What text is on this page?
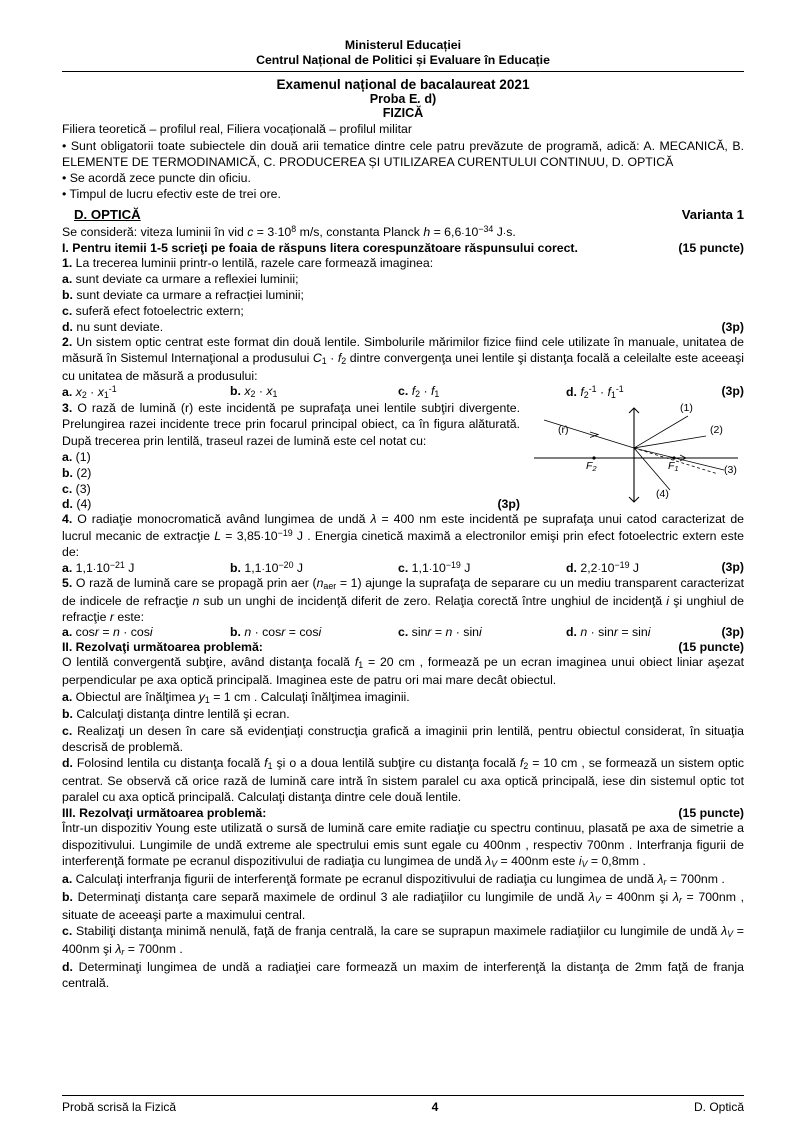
Ministerul Educației
Centrul Național de Politici și Evaluare în Educație
Examenul național de bacalaureat 2021
Proba E. d)
FIZICĂ

Filiera teoretică – profilul real, Filiera vocațională – profilul militar

• Sunt obligatorii toate subiectele din două arii tematice dintre cele patru prevăzute de programă, adică: A. MECANICĂ, B. ELEMENTE DE TERMODINAMICĂ, C. PRODUCEREA ȘI UTILIZAREA CURENTULUI CONTINUU, D. OPTICĂ

• Se acordă zece puncte din oficiu.

• Timpul de lucru efectiv este de trei ore.

D. OPTICĂ	Varianta 1

Se consideră: viteza luminii în vid $c = 3\cdot 10^8$ m/s, constanta Planck $h = 6,6\cdot 10^{-34}$ J·s.

I. Pentru itemii 1-5 scrieţi pe foaia de răspuns litera corespunzătoare răspunsului corect.	(15 puncte)

1. La trecerea luminii printr-o lentilă, razele care formează imaginea:

a. sunt deviate ca urmare a reflexiei luminii;

b. sunt deviate ca urmare a refracției luminii;

c. suferă efect fotoelectric extern;

d. nu sunt deviate.	(3p)

2. Un sistem optic centrat este format din două lentile. Simbolurile mărimilor fizice fiind cele utilizate în manuale, unitatea de măsură în Sistemul Internaţional a produsului $C_1 \cdot f_2$ dintre convergenţa unei lentile şi distanţa focală a celeilalte este aceeaşi cu unitatea de măsură a produsului:

a. $x_2 \cdot x_1^{-1}$	b. $x_2 \cdot x_1$	c. $f_2 \cdot f_1$	d. $f_2^{-1} \cdot f_1^{-1}$	(3p)
(r)
(1)
(2)
(3)
(4)
$F_2$	$F_1$

3. O rază de lumină (r) este incidentă pe suprafaţa unei lentile subţiri divergente. Prelungirea razei incidente trece prin focarul principal obiect, ca în figura alăturată. După trecerea prin lentilă, traseul razei de lumină este cel notat cu:

a. (1)

b. (2)

c. (3)

d. (4)	(3p)

4. O radiaţie monocromatică având lungimea de undă λ = 400 nm este incidentă pe suprafaţa unui catod caracterizat de lucrul mecanic de extracţie $L = 3,85\cdot 10^{-19}$ J . Energia cinetică maximă a electronilor emişi prin efect fotoelectric extern este de:

a. $1,1\cdot 10^{-21}$ J	b. $1,1\cdot 10^{-20}$ J	c. $1,1\cdot 10^{-19}$ J	d. $2,2\cdot 10^{-19}$ J	(3p)

5. O rază de lumină care se propagă prin aer $(n_{aer} = 1)$ ajunge la suprafaţa de separare cu un mediu transparent caracterizat de indicele de refracţie n sub un unghi de incidenţă diferit de zero. Relaţia corectă între unghiul de incidenţă i şi unghiul de refracţie r este:

a. cosr = n · cosi	b. n · cosr = cosi	c. sinr = n · sini	d. n · sinr = sini	(3p)
II. Rezolvaţi următoarea problemă:	(15 puncte)

O lentilă convergentă subţire, având distanţa focală $f_1 = 20$ cm , formează pe un ecran imaginea unui obiect liniar aşezat perpendicular pe axa optică principală. Imaginea este de patru ori mai mare decât obiectul.

a. Obiectul are înălţimea $y_1 = 1$ cm . Calculaţi înălţimea imaginii.

b. Calculaţi distanţa dintre lentilă şi ecran.

c. Realizaţi un desen în care să evidenţiaţi construcţia grafică a imaginii prin lentilă, pentru obiectul considerat, în situaţia descrisă de problemă.

d. Folosind lentila cu distanţa focală $f_1$ şi o a doua lentilă subţire cu distanţa focală $f_2 = 10$ cm , se formează un sistem optic centrat. Se observă că orice rază de lumină care intră în sistem paralel cu axa optică principală, iese din sistemul optic tot paralel cu axa optică principală. Calculaţi distanţa dintre cele două lentile.

III. Rezolvaţi următoarea problemă:	(15 puncte)

Într-un dispozitiv Young este utilizată o sursă de lumină care emite radiaţie cu spectru continuu, plasată pe axa de simetrie a dispozitivului. Lungimile de undă extreme ale spectrului emis sunt egale cu 400nm , respectiv 700nm . Interfranja figurii de interferenţă formate pe ecranul dispozitivului de radiaţia cu lungimea de undă $\lambda_V = 400nm$ este $i_V = 0,8mm$ .

a. Calculaţi interfranja figurii de interferenţă formate pe ecranul dispozitivului de radiaţia cu lungimea de undă $\lambda_r = 700nm$ .

b. Determinaţi distanţa care separă maximele de ordinul 3 ale radiaţiilor cu lungimile de undă $\lambda_V = 400nm$ şi $\lambda_r = 700nm$ , situate de aceeaşi parte a maximului central.

c. Stabiliţi distanţa minimă nenulă, faţă de franja centrală, la care se suprapun maximele radiaţiilor cu lungimile de undă $\lambda_V = 400nm$ şi $\lambda_r = 700nm$ .

d. Determinaţi lungimea de undă a radiaţiei care formează un maxim de interferenţă la distanţa de 2mm faţă de franja centrală.

Probă scrisă la Fizică	4	D. Optică
